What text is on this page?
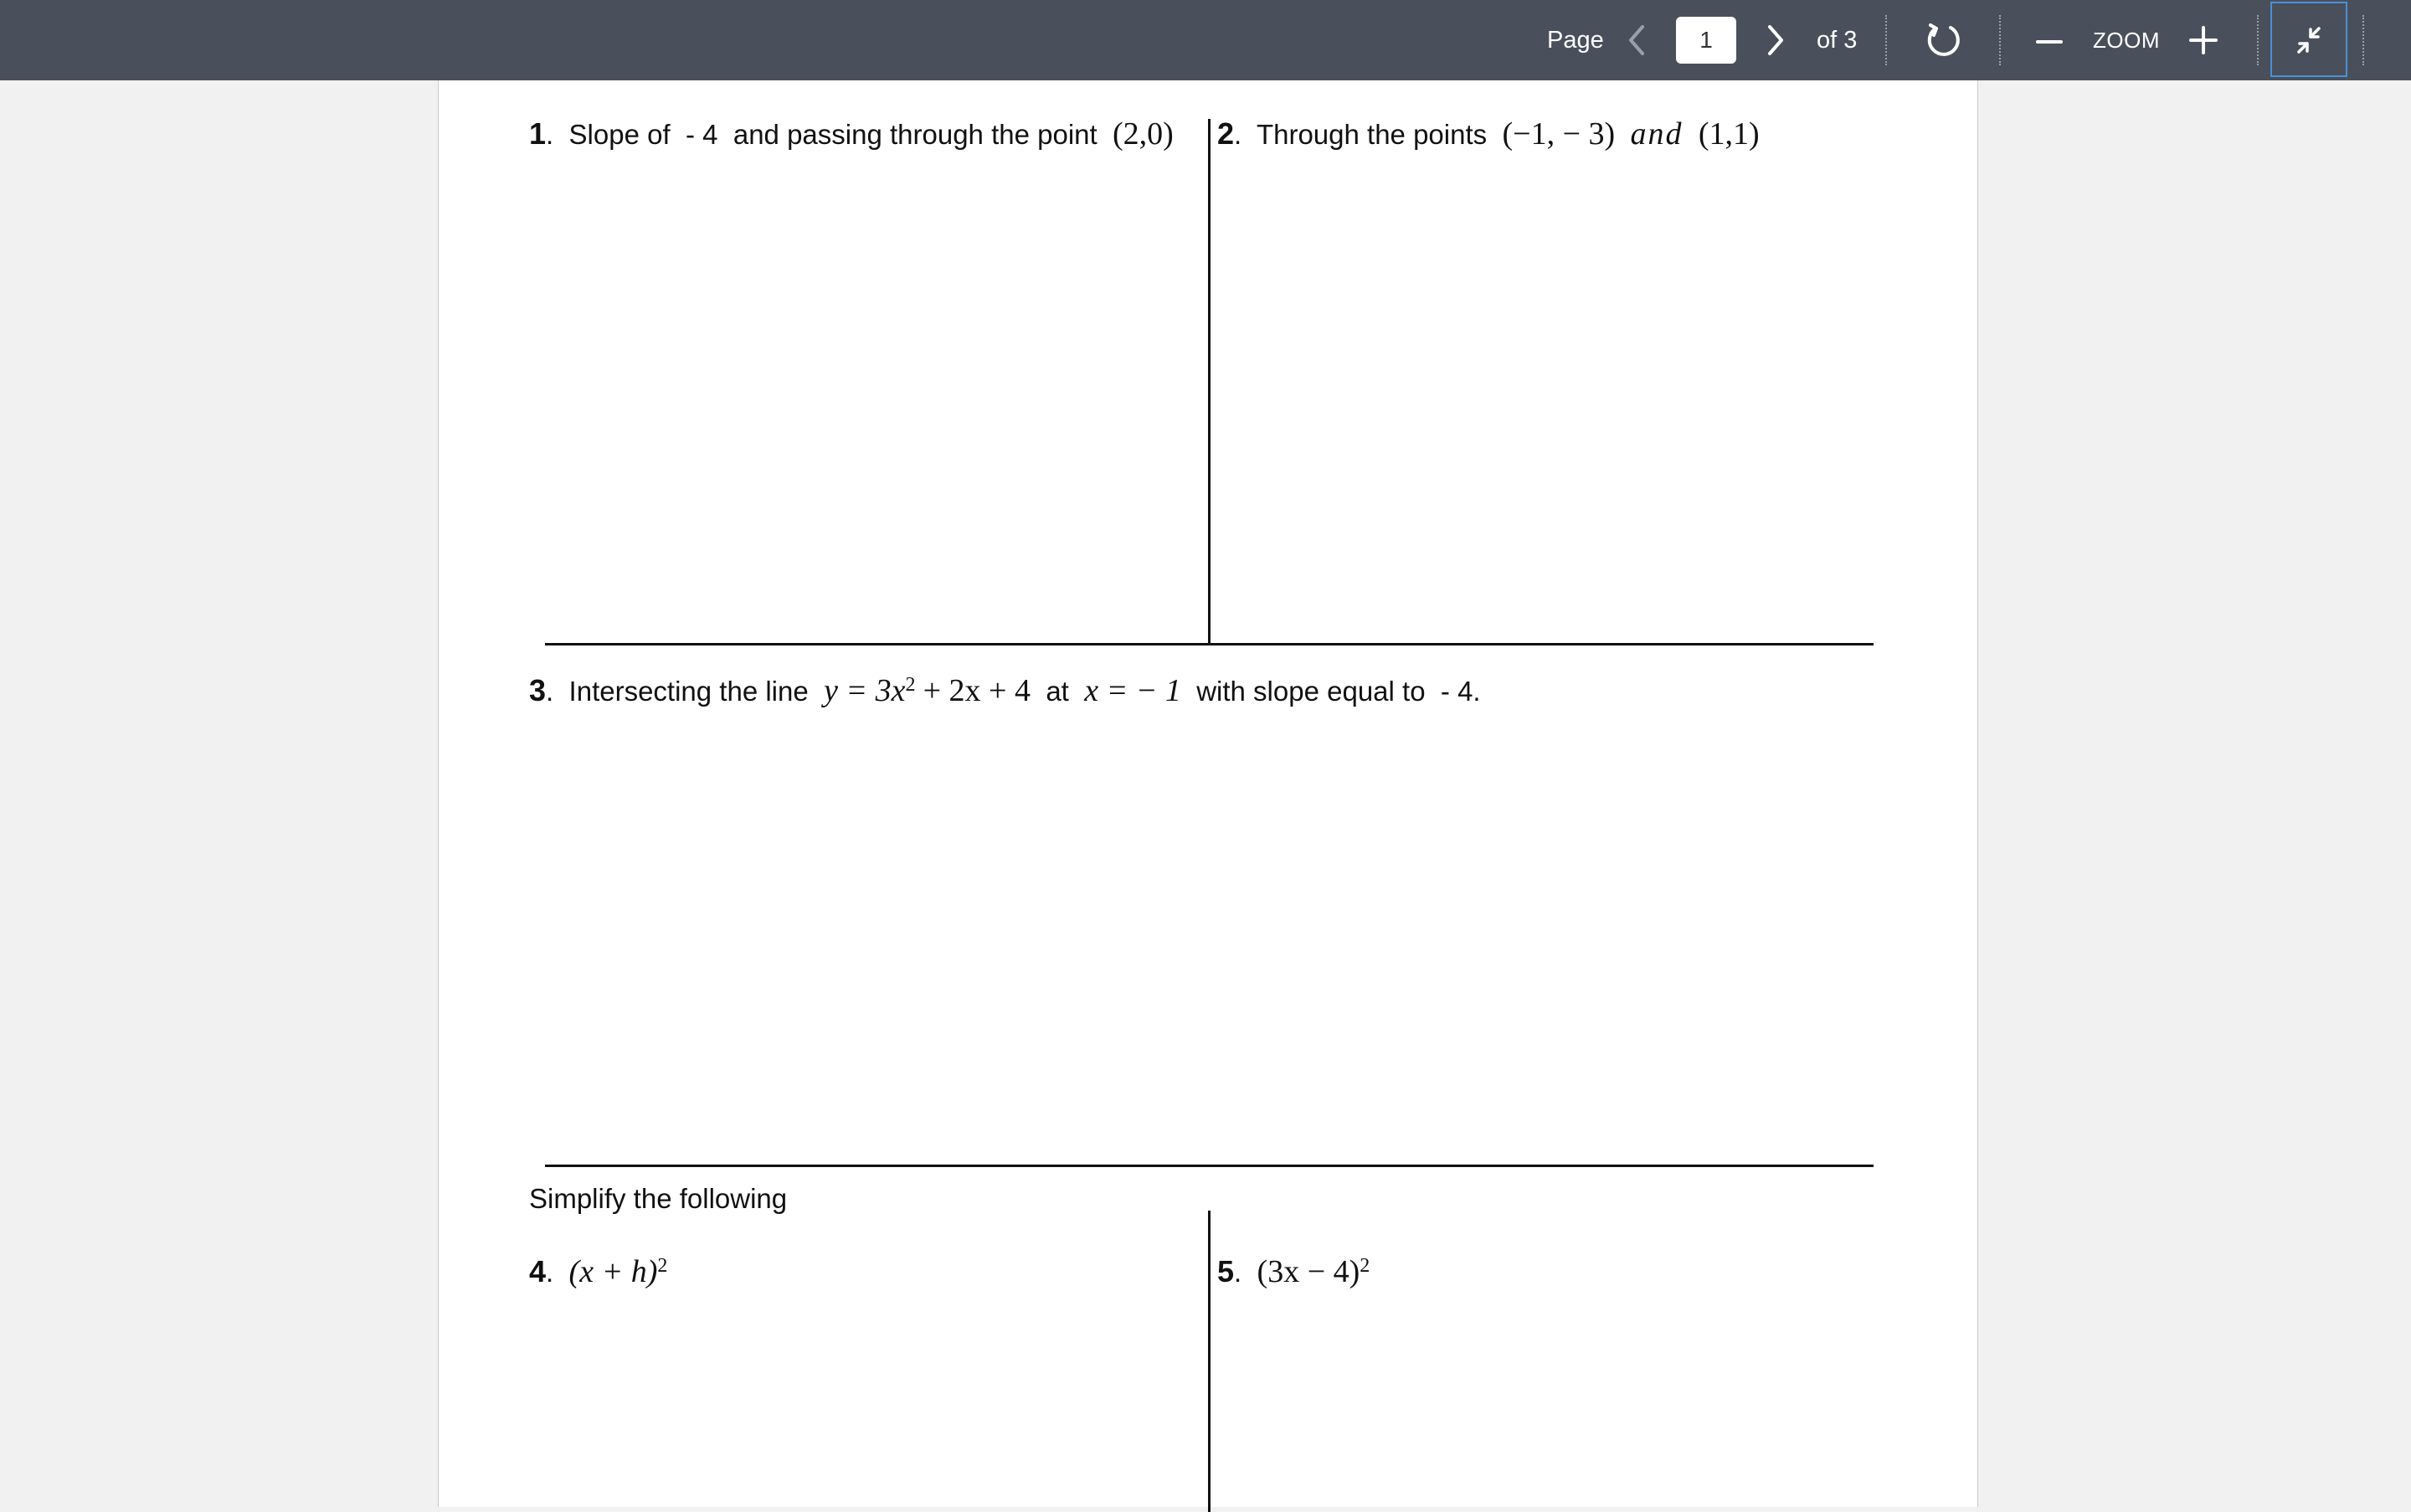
Page
1	of 3	ZOOM
1.  Slope of - 4 and passing through the point (2,0) 2.  Through the points (−1, − 3) and (1,1)
3.  Intersecting the line $y = 3x^2 + 2x + 4$ at x = − 1 with slope equal to - 4.
Simplify the following
4.  $(x + h)^2$	5.  $(3x - 4)^2$
